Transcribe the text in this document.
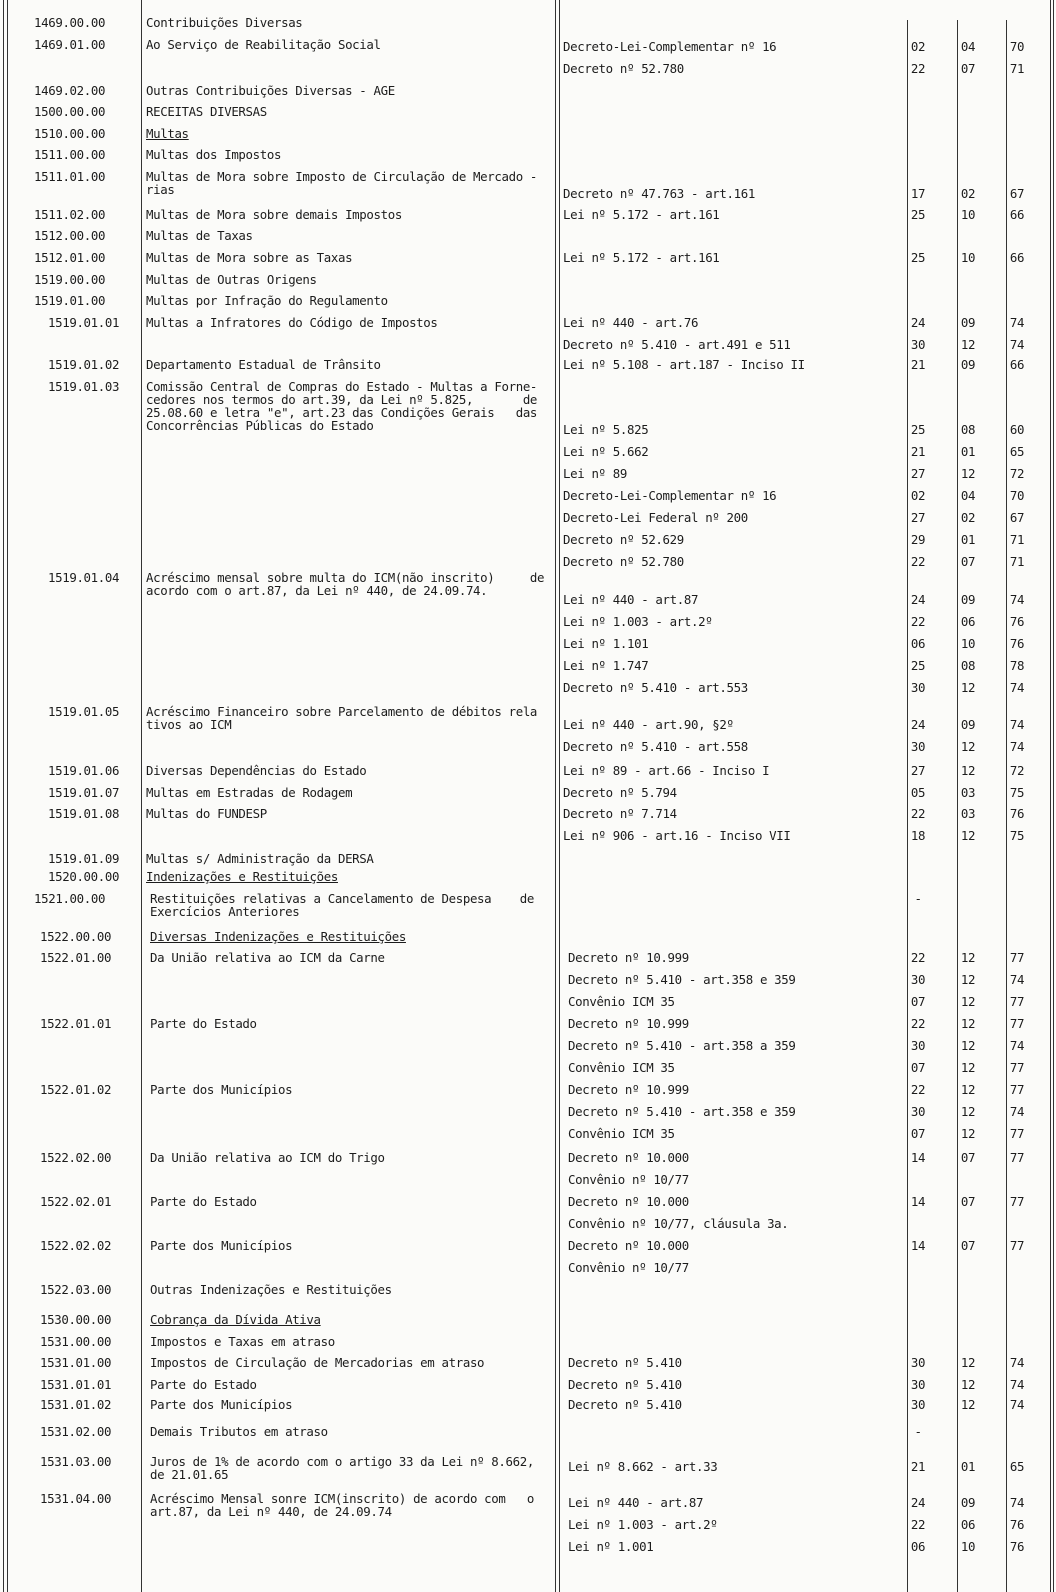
1469.00.00	Contribuições Diversas
1469.01.00	Ao Serviço de Reabilitação Social	Decreto-Lei-Complementar nº 16	02	04	70
Decreto nº 52.780	22	07	71
1469.02.00	Outras Contribuições Diversas - AGE
1500.00.00	RECEITAS DIVERSAS
1510.00.00	Multas
1511.00.00	Multas dos Impostos
1511.01.00	Multas de Mora sobre Imposto de Circulação de Mercado -
rias	Decreto nº 47.763 - art.161	17	02	67
1511.02.00	Multas de Mora sobre demais Impostos	Lei nº 5.172 - art.161	25	10	66
1512.00.00	Multas de Taxas
1512.01.00	Multas de Mora sobre as Taxas	Lei nº 5.172 - art.161	25	10	66
1519.00.00	Multas de Outras Origens
1519.01.00	Multas por Infração do Regulamento
1519.01.01 Multas a Infratores do Código de Impostos	Lei nº 440 - art.76	24	09	74
Decreto nº 5.410 - art.491 e 511	30	12	74
1519.01.02 Departamento Estadual de Trânsito	Lei nº 5.108 - art.187 - Inciso II	21	09	66
1519.01.03 Comissão Central de Compras do Estado - Multas a Forne-
cedores nos termos do art.39, da Lei nº 5.825,       de
25.08.60 e letra "e", art.23 das Condições Gerais   das
Concorrências Públicas do Estado	Lei nº 5.825	25	08	60
Lei nº 5.662	21	01	65
Lei nº 89	27	12	72
Decreto-Lei-Complementar nº 16	02	04	70
Decreto-Lei Federal nº 200	27	02	67
Decreto nº 52.629	29	01	71
Decreto nº 52.780	22	07	71
1519.01.04 Acréscimo mensal sobre multa do ICM(não inscrito)     de
acordo com o art.87, da Lei nº 440, de 24.09.74.
Lei nº 440 - art.87	24	09	74
Lei nº 1.003 - art.2º	22	06	76
Lei nº 1.101	06	10	76
Lei nº 1.747	25	08	78
Decreto nº 5.410 - art.553	30	12	74
1519.01.05 Acréscimo Financeiro sobre Parcelamento de débitos rela
tivos ao ICM	Lei nº 440 - art.90, §2º	24	09	74
Decreto nº 5.410 - art.558	30	12	74
1519.01.06 Diversas Dependências do Estado	Lei nº 89 - art.66 - Inciso I	27	12	72
1519.01.07 Multas em Estradas de Rodagem	Decreto nº 5.794	05	03	75
1519.01.08 Multas do FUNDESP	Decreto nº 7.714	22	03	76
Lei nº 906 - art.16 - Inciso VII	18	12	75
1519.01.09 Multas s/ Administração da DERSA
1520.00.00 Indenizações e Restituições
1521.00.00	Restituições relativas a Cancelamento de Despesa    de
Exercícios Anteriores
-
1522.00.00	Diversas Indenizações e Restituições
1522.01.00	Da União relativa ao ICM da Carne	Decreto nº 10.999	22	12	77
Decreto nº 5.410 - art.358 e 359	30	12	74
Convênio ICM 35	07	12	77
1522.01.01	Parte do Estado	Decreto nº 10.999	22	12	77
Decreto nº 5.410 - art.358 a 359	30	12	74
Convênio ICM 35	07	12	77
1522.01.02	Parte dos Municípios	Decreto nº 10.999	22	12	77
Decreto nº 5.410 - art.358 e 359	30	12	74
Convênio ICM 35	07	12	77
1522.02.00	Da União relativa ao ICM do Trigo	Decreto nº 10.000	14	07	77
Convênio nº 10/77
1522.02.01	Parte do Estado	Decreto nº 10.000	14	07	77
Convênio nº 10/77, cláusula 3a.
1522.02.02	Parte dos Municípios	Decreto nº 10.000	14	07	77
Convênio nº 10/77
1522.03.00	Outras Indenizações e Restituições
1530.00.00	Cobrança da Dívida Ativa
1531.00.00	Impostos e Taxas em atraso
1531.01.00	Impostos de Circulação de Mercadorias em atraso	Decreto nº 5.410	30	12	74
1531.01.01	Parte do Estado	Decreto nº 5.410	30	12	74
1531.01.02	Parte dos Municípios	Decreto nº 5.410	30	12	74
1531.02.00	Demais Tributos em atraso	-
1531.03.00	Juros de 1% de acordo com o artigo 33 da Lei nº 8.662,
de 21.01.65
Lei nº 8.662 - art.33	21	01	65
1531.04.00	Acréscimo Mensal sonre ICM(inscrito) de acordo com   o
art.87, da Lei nº 440, de 24.09.74
Lei nº 440 - art.87	24	09	74
Lei nº 1.003 - art.2º	22	06	76
Lei nº 1.001	06	10	76
